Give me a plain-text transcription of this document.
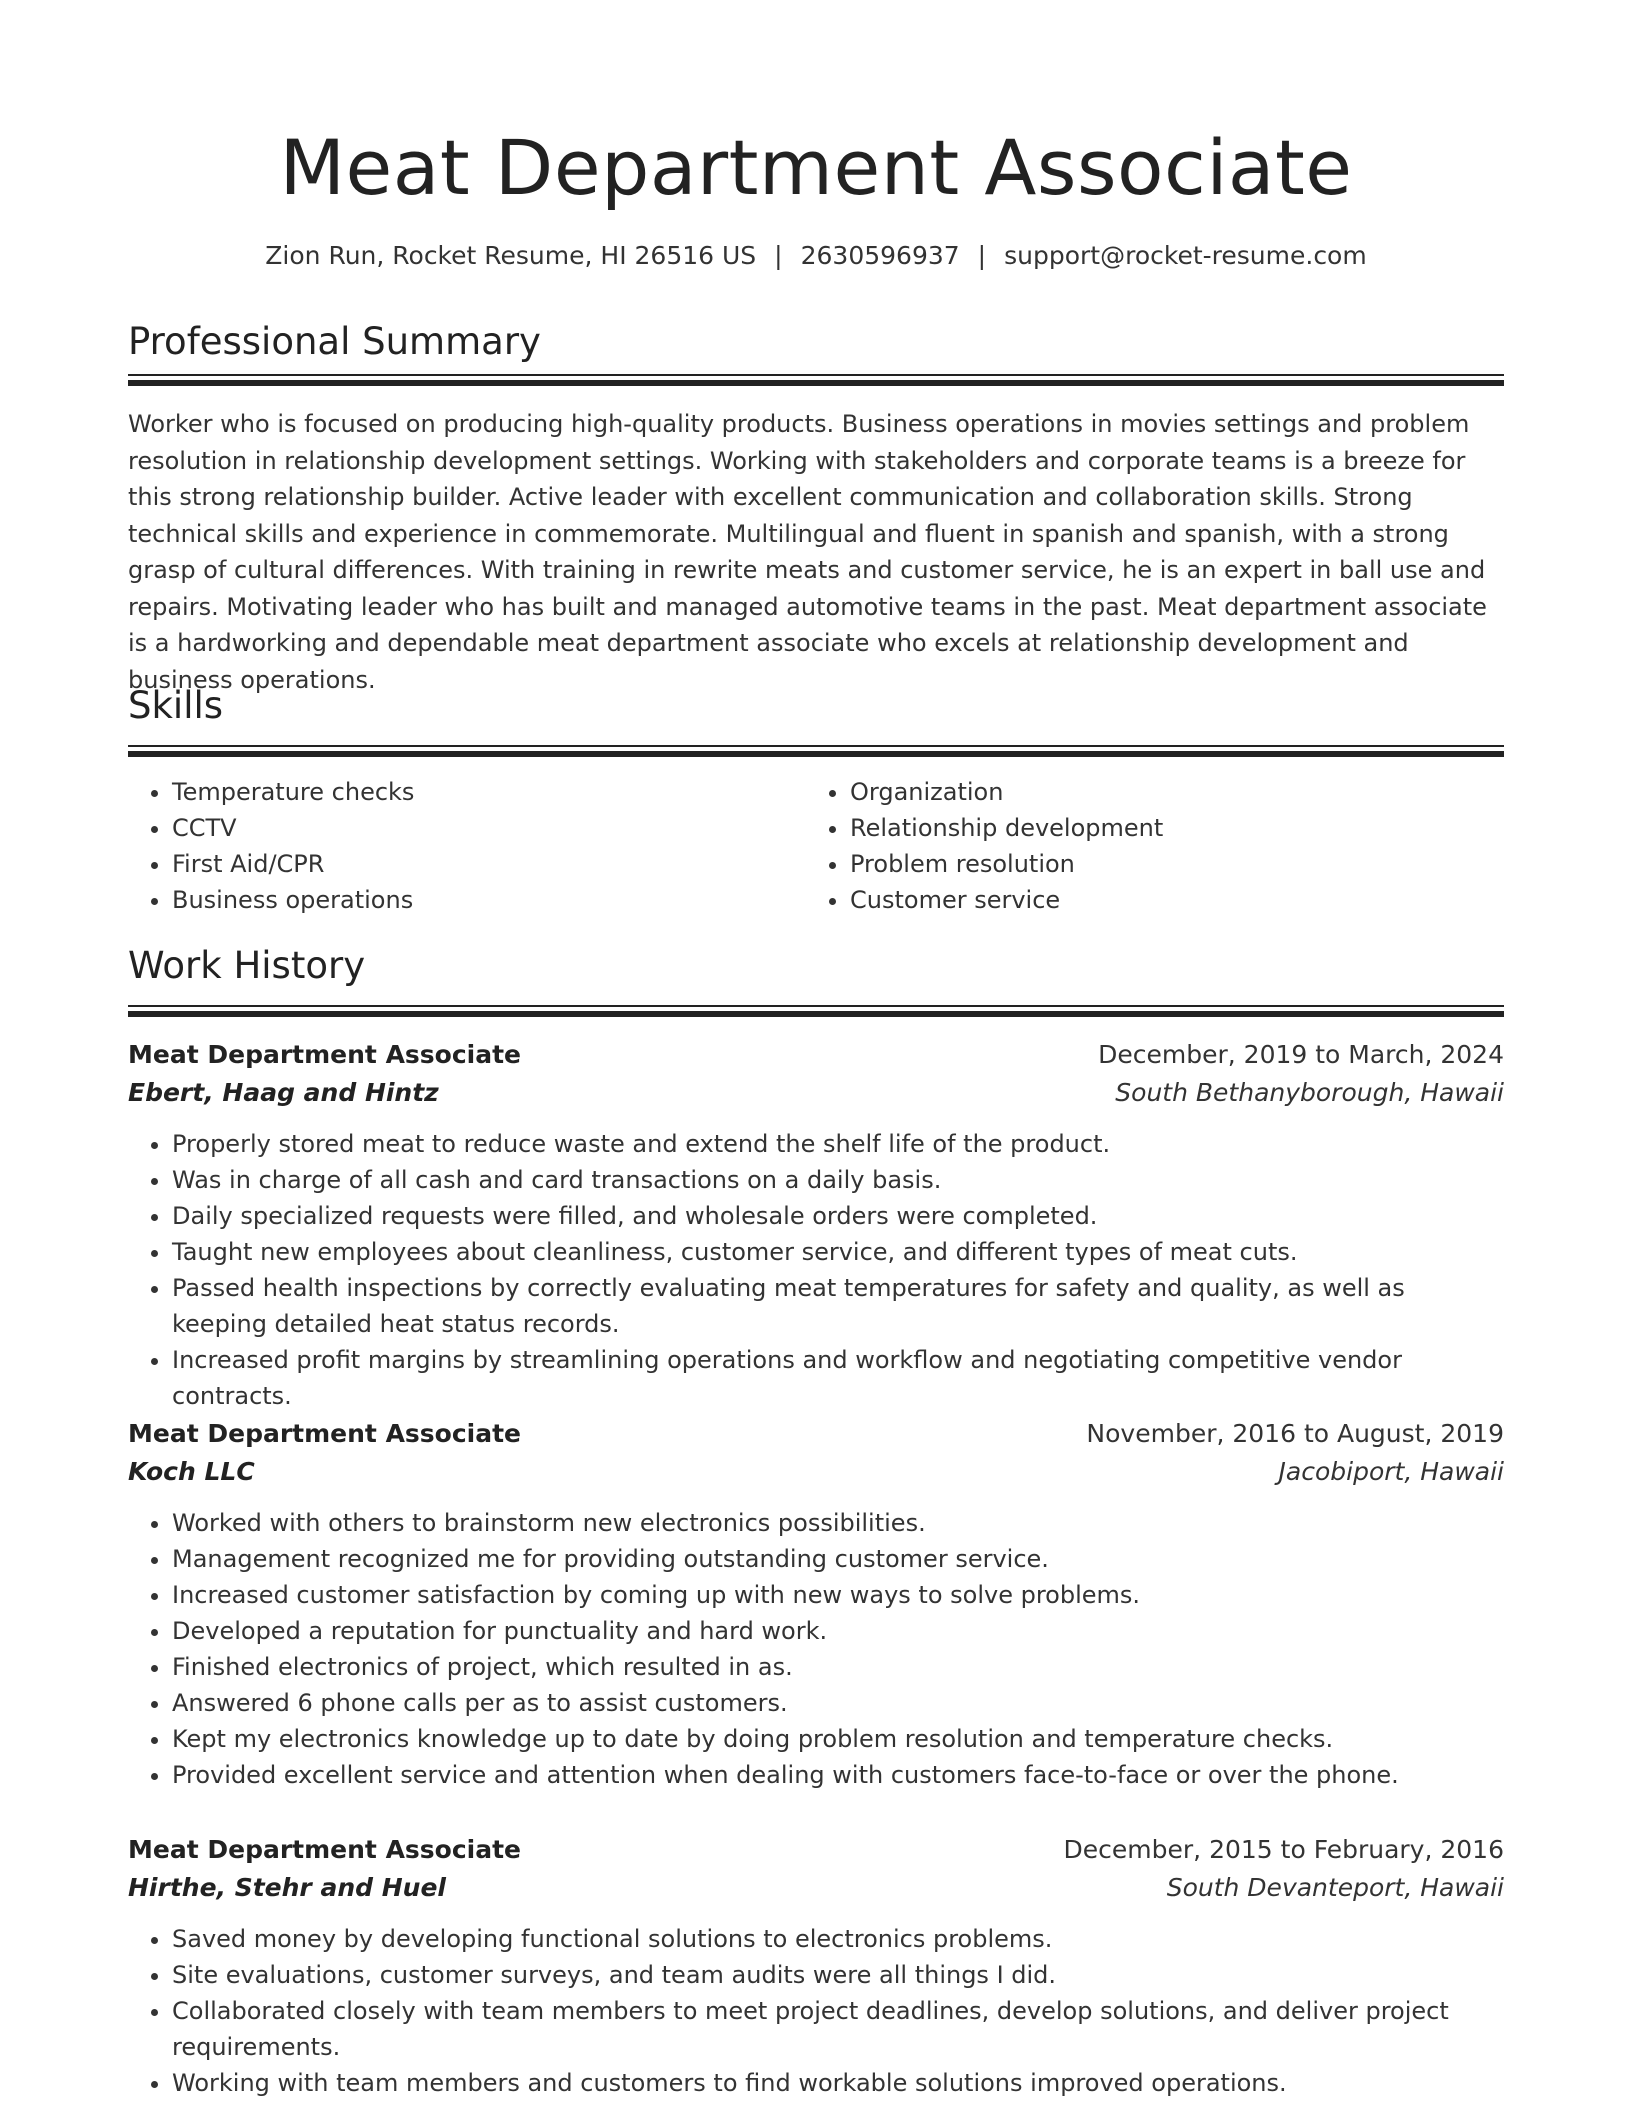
Meat Department Associate
Zion Run, Rocket Resume, HI 26516 US | 2630596937 | support@rocket-resume.com
Professional Summary

Worker who is focused on producing high-quality products. Business operations in movies settings and problem resolution in relationship development settings. Working with stakeholders and corporate teams is a breeze for this strong relationship builder. Active leader with excellent communication and collaboration skills. Strong technical skills and experience in commemorate. Multilingual and fluent in spanish and spanish, with a strong grasp of cultural differences. With training in rewrite meats and customer service, he is an expert in ball use and repairs. Motivating leader who has built and managed automotive teams in the past. Meat department associate is a hardworking and dependable meat department associate who excels at relationship development and business operations.

Skills
• Temperature checks
• CCTV
• First Aid/CPR
• Business operations
• Organization
• Relationship development
• Problem resolution
• Customer service
Work History
Meat Department Associate	December, 2019 to March, 2024
Ebert, Haag and Hintz	South Bethanyborough, Hawaii
• Properly stored meat to reduce waste and extend the shelf life of the product.
• Was in charge of all cash and card transactions on a daily basis.
• Daily specialized requests were filled, and wholesale orders were completed.
• Taught new employees about cleanliness, customer service, and different types of meat cuts.
• Passed health inspections by correctly evaluating meat temperatures for safety and quality, as well as keeping detailed heat status records.
• Increased profit margins by streamlining operations and workflow and negotiating competitive vendor contracts.
Meat Department Associate	November, 2016 to August, 2019
Koch LLC	Jacobiport, Hawaii
• Worked with others to brainstorm new electronics possibilities.
• Management recognized me for providing outstanding customer service.
• Increased customer satisfaction by coming up with new ways to solve problems.
• Developed a reputation for punctuality and hard work.
• Finished electronics of project, which resulted in as.
• Answered 6 phone calls per as to assist customers.
• Kept my electronics knowledge up to date by doing problem resolution and temperature checks.
• Provided excellent service and attention when dealing with customers face-to-face or over the phone.
Meat Department Associate	December, 2015 to February, 2016
Hirthe, Stehr and Huel	South Devanteport, Hawaii
• Saved money by developing functional solutions to electronics problems.
• Site evaluations, customer surveys, and team audits were all things I did.
• Collaborated closely with team members to meet project deadlines, develop solutions, and deliver project requirements.
• Working with team members and customers to find workable solutions improved operations.
